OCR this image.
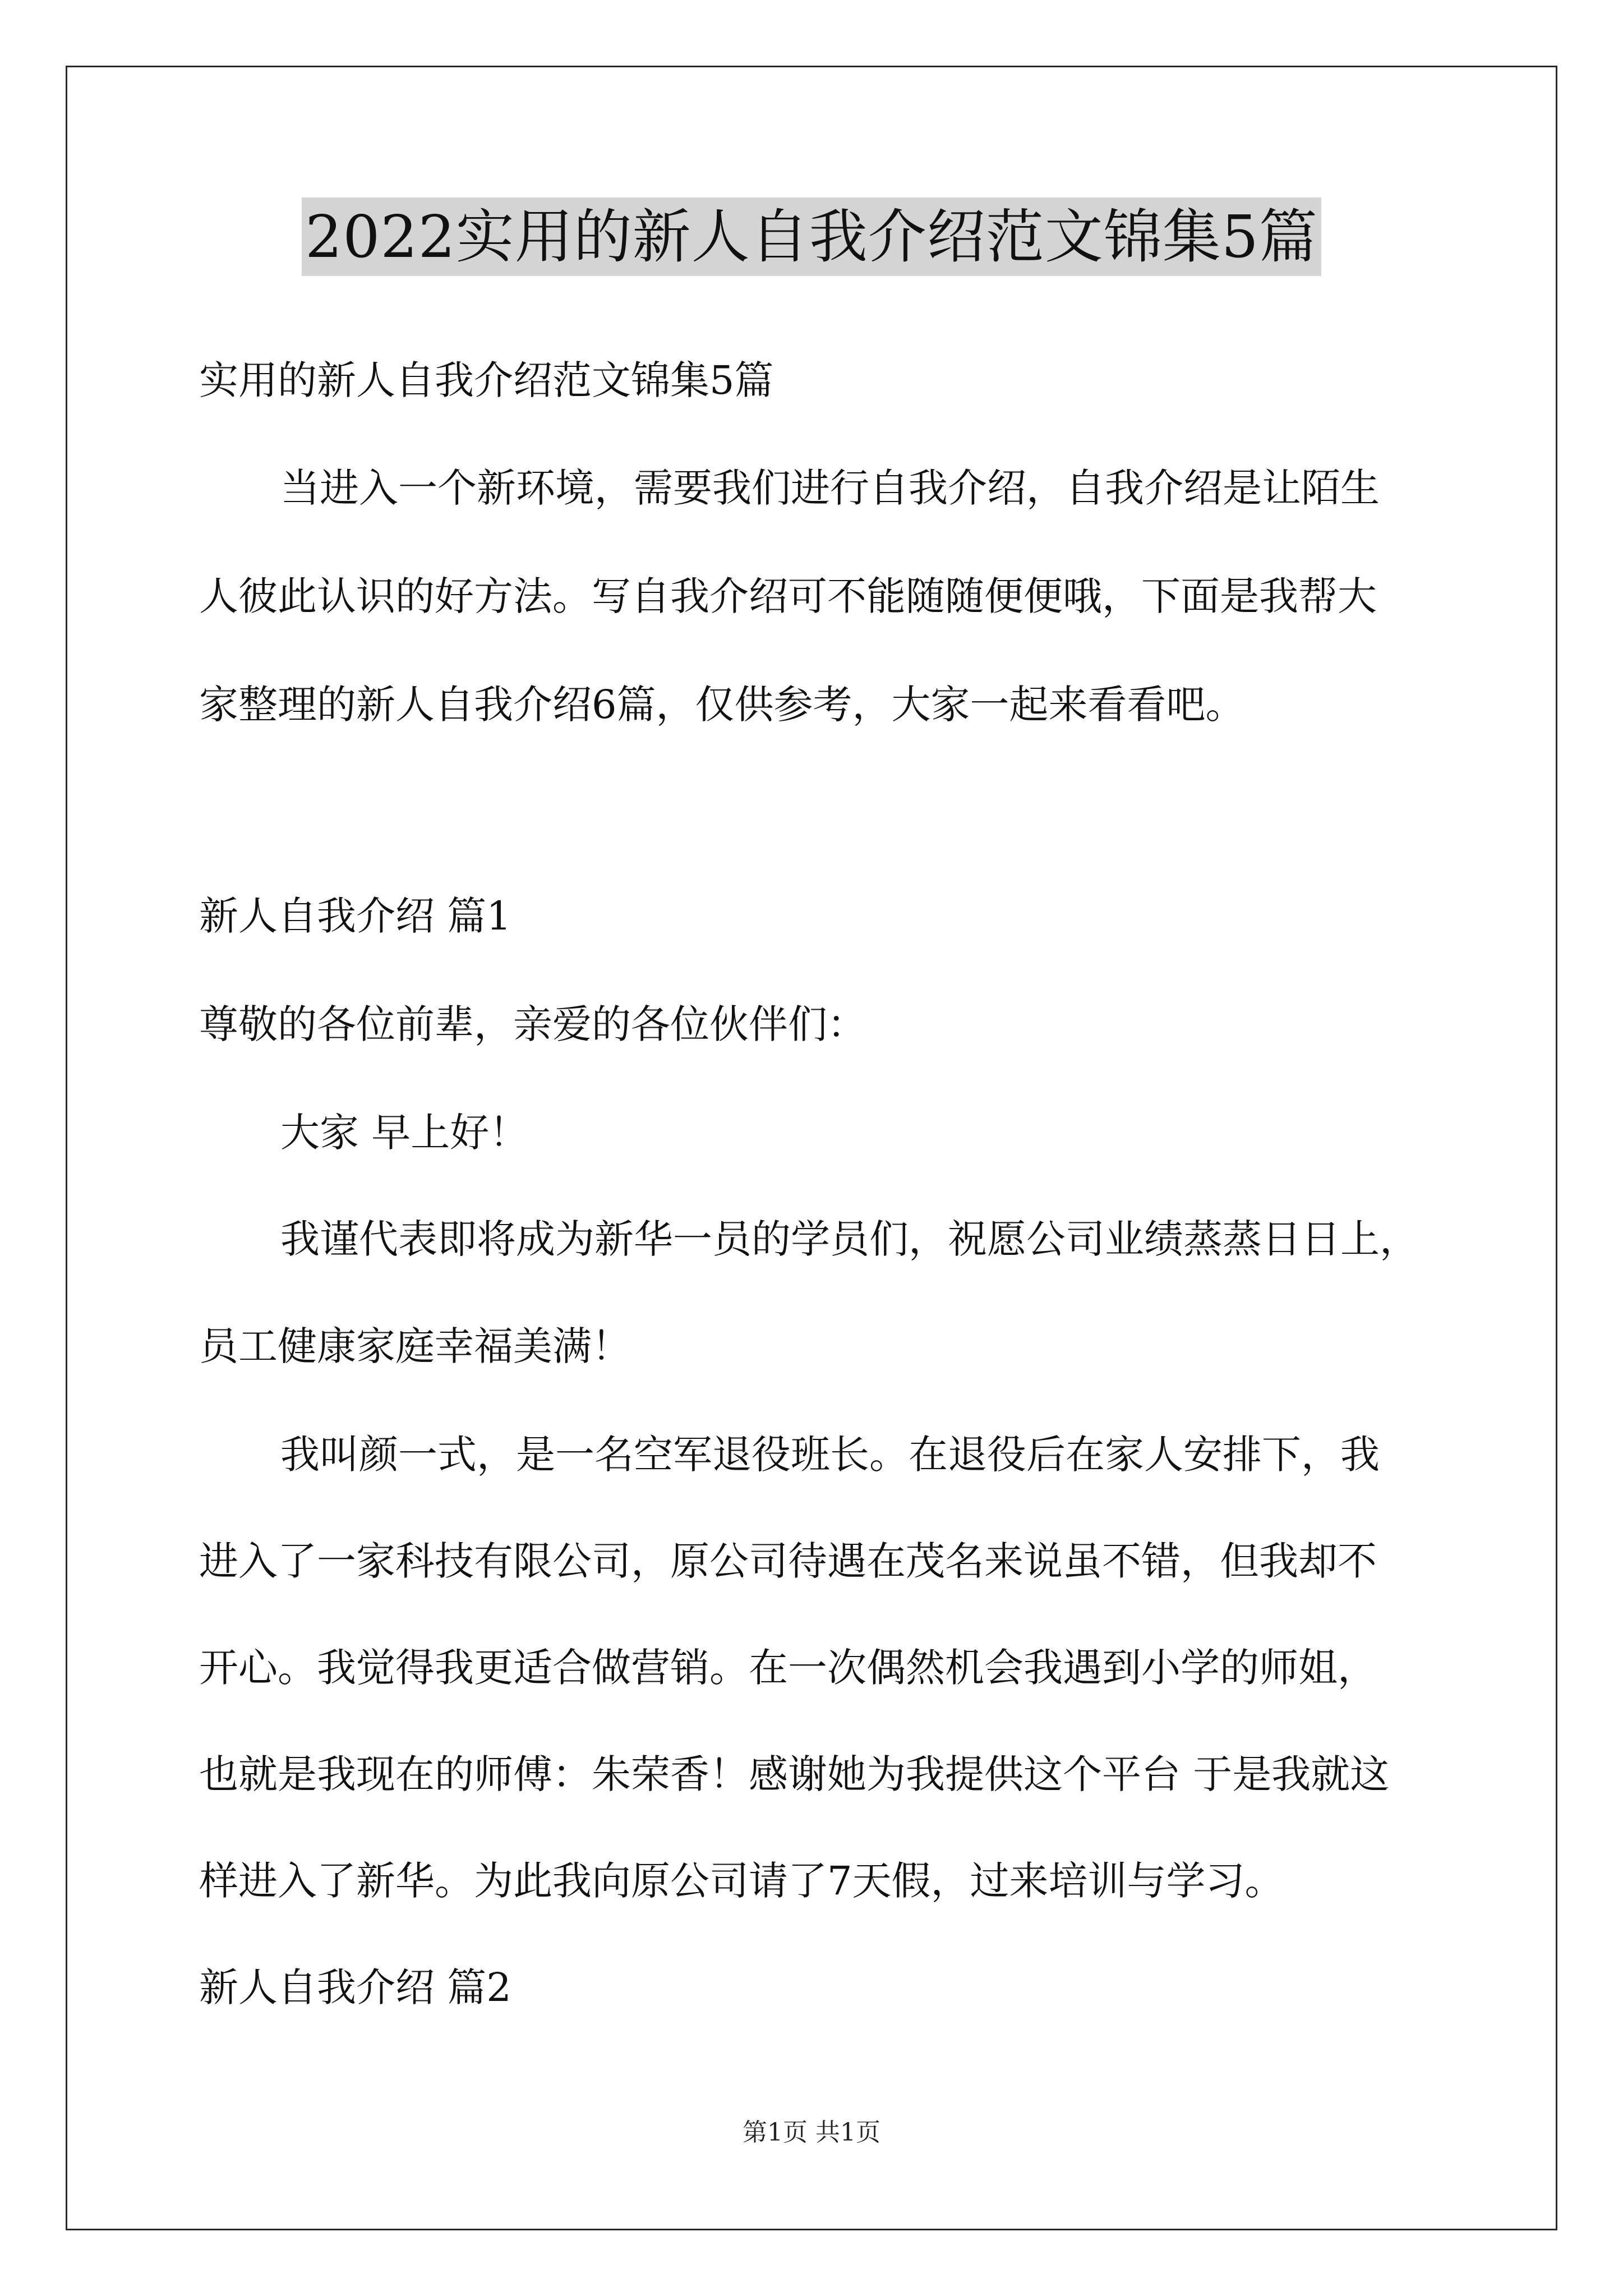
2022实用的新人自我介绍范文锦集5篇
实用的新人自我介绍范文锦集5篇
当进入一个新环境，需要我们进行自我介绍，自我介绍是让陌生
人彼此认识的好方法。写自我介绍可不能随随便便哦，下面是我帮大
家整理的新人自我介绍6篇，仅供参考，大家一起来看看吧。
新人自我介绍 篇1
尊敬的各位前辈，亲爱的各位伙伴们：
大家 早上好！
我谨代表即将成为新华一员的学员们，祝愿公司业绩蒸蒸日日上，
员工健康家庭幸福美满！
我叫颜一式，是一名空军退役班长。在退役后在家人安排下，我
进入了一家科技有限公司，原公司待遇在茂名来说虽不错，但我却不
开心。我觉得我更适合做营销。在一次偶然机会我遇到小学的师姐，
也就是我现在的师傅：朱荣香！感谢她为我提供这个平台 于是我就这
样进入了新华。为此我向原公司请了7天假，过来培训与学习。
新人自我介绍 篇2
第1页 共1页
